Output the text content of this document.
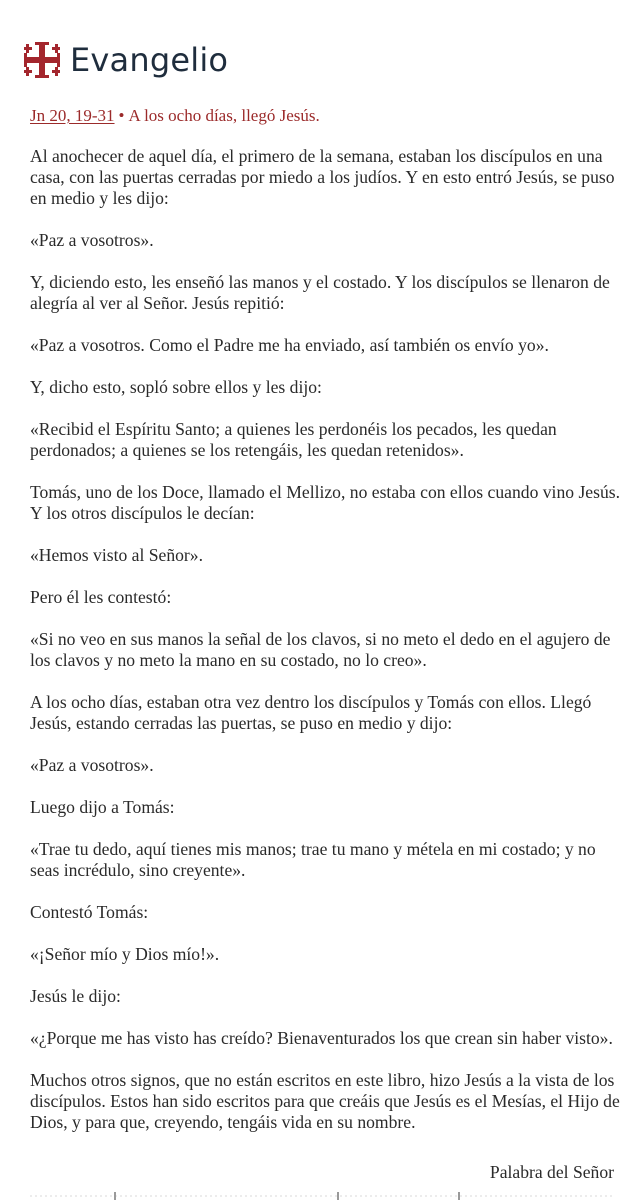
Evangelio
Jn 20, 19-31 • A los ocho días, llegó Jesús.

Al anochecer de aquel día, el primero de la semana, estaban los discípulos en una casa, con las puertas cerradas por miedo a los judíos. Y en esto entró Jesús, se puso en medio y les dijo:

«Paz a vosotros».

Y, diciendo esto, les enseñó las manos y el costado. Y los discípulos se llenaron de alegría al ver al Señor. Jesús repitió:

«Paz a vosotros. Como el Padre me ha enviado, así también os envío yo».

Y, dicho esto, sopló sobre ellos y les dijo:

«Recibid el Espíritu Santo; a quienes les perdonéis los pecados, les quedan perdonados; a quienes se los retengáis, les quedan retenidos».

Tomás, uno de los Doce, llamado el Mellizo, no estaba con ellos cuando vino Jesús. Y los otros discípulos le decían:

«Hemos visto al Señor».

Pero él les contestó:

«Si no veo en sus manos la señal de los clavos, si no meto el dedo en el agujero de los clavos y no meto la mano en su costado, no lo creo».

A los ocho días, estaban otra vez dentro los discípulos y Tomás con ellos. Llegó Jesús, estando cerradas las puertas, se puso en medio y dijo:

«Paz a vosotros».

Luego dijo a Tomás:

«Trae tu dedo, aquí tienes mis manos; trae tu mano y métela en mi costado; y no seas incrédulo, sino creyente».

Contestó Tomás:

«¡Señor mío y Dios mío!».

Jesús le dijo:

«¿Porque me has visto has creído? Bienaventurados los que crean sin haber visto».

Muchos otros signos, que no están escritos en este libro, hizo Jesús a la vista de los discípulos. Estos han sido escritos para que creáis que Jesús es el Mesías, el Hijo de Dios, y para que, creyendo, tengáis vida en su nombre.

Palabra del Señor
